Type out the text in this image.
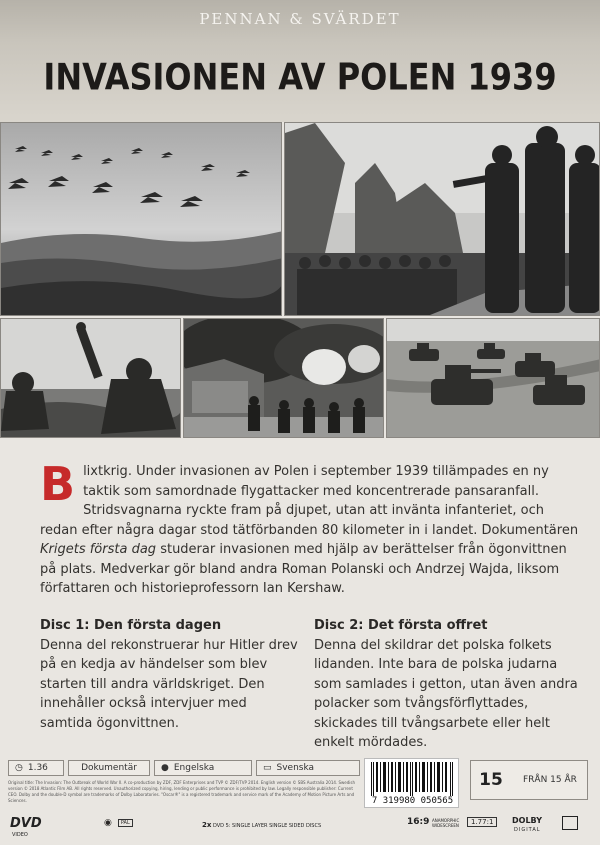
PENNAN & SVÄRDET
INVASIONEN AV POLEN 1939
B lixtkrig. Under invasionen av Polen i september 1939 tillämpades en ny taktik som samordnade flygattacker med koncentrerade pansaranfall. Stridsvagnarna ryckte fram på djupet, utan att invänta infanteriet, och redan efter några dagar stod tätförbanden 80 kilometer in i landet. Dokumentären Krigets första dag studerar invasionen med hjälp av berättelser från ögonvittnen på plats. Medverkar gör bland andra Roman Polanski och Andrzej Wajda, liksom författaren och historieprofessorn Ian Kershaw.
Disc 1: Den första dagen
Denna del rekonstruerar hur Hitler drev på en kedja av händelser som blev starten till andra världskriget. Den innehåller också intervjuer med samtida ögonvittnen.
Disc 2: Det första offret
Denna del skildrar det polska folkets lidanden. Inte bara de polska judarna som samlades i getton, utan även andra polacker som tvångsförflyttades, skickades till tvångsarbete eller helt enkelt mördades.
◷ 1.36	Dokumentär	● Engelska	▭ Svenska
Original title: The Invasion: The Outbreak of World War II. A co-production by ZDF, ZDF Enterprises and TVP © ZDF/TVP 2014. English version © SBS Australia 2014. Swedish version © 2018 Atlantic Film AB. All rights reserved. Unauthorized copying, hiring, lending or public performance is prohibited by law. Legally responsible publisher: Current CEO. Dolby and the double-D symbol are trademarks of Dolby Laboratories. "Oscar®" is a registered trademark and service mark of the Academy of Motion Picture Arts and Sciences.	7 319980 050565
15	FRÅN 15 ÅR
DVD
VIDEO
◉	PAL	2x DVD 5: SINGLE LAYER SINGLE SIDED DISCS	16:9 ANAMORPHIC WIDESCREEN	1.77:1	DOLBY
DIGITAL
